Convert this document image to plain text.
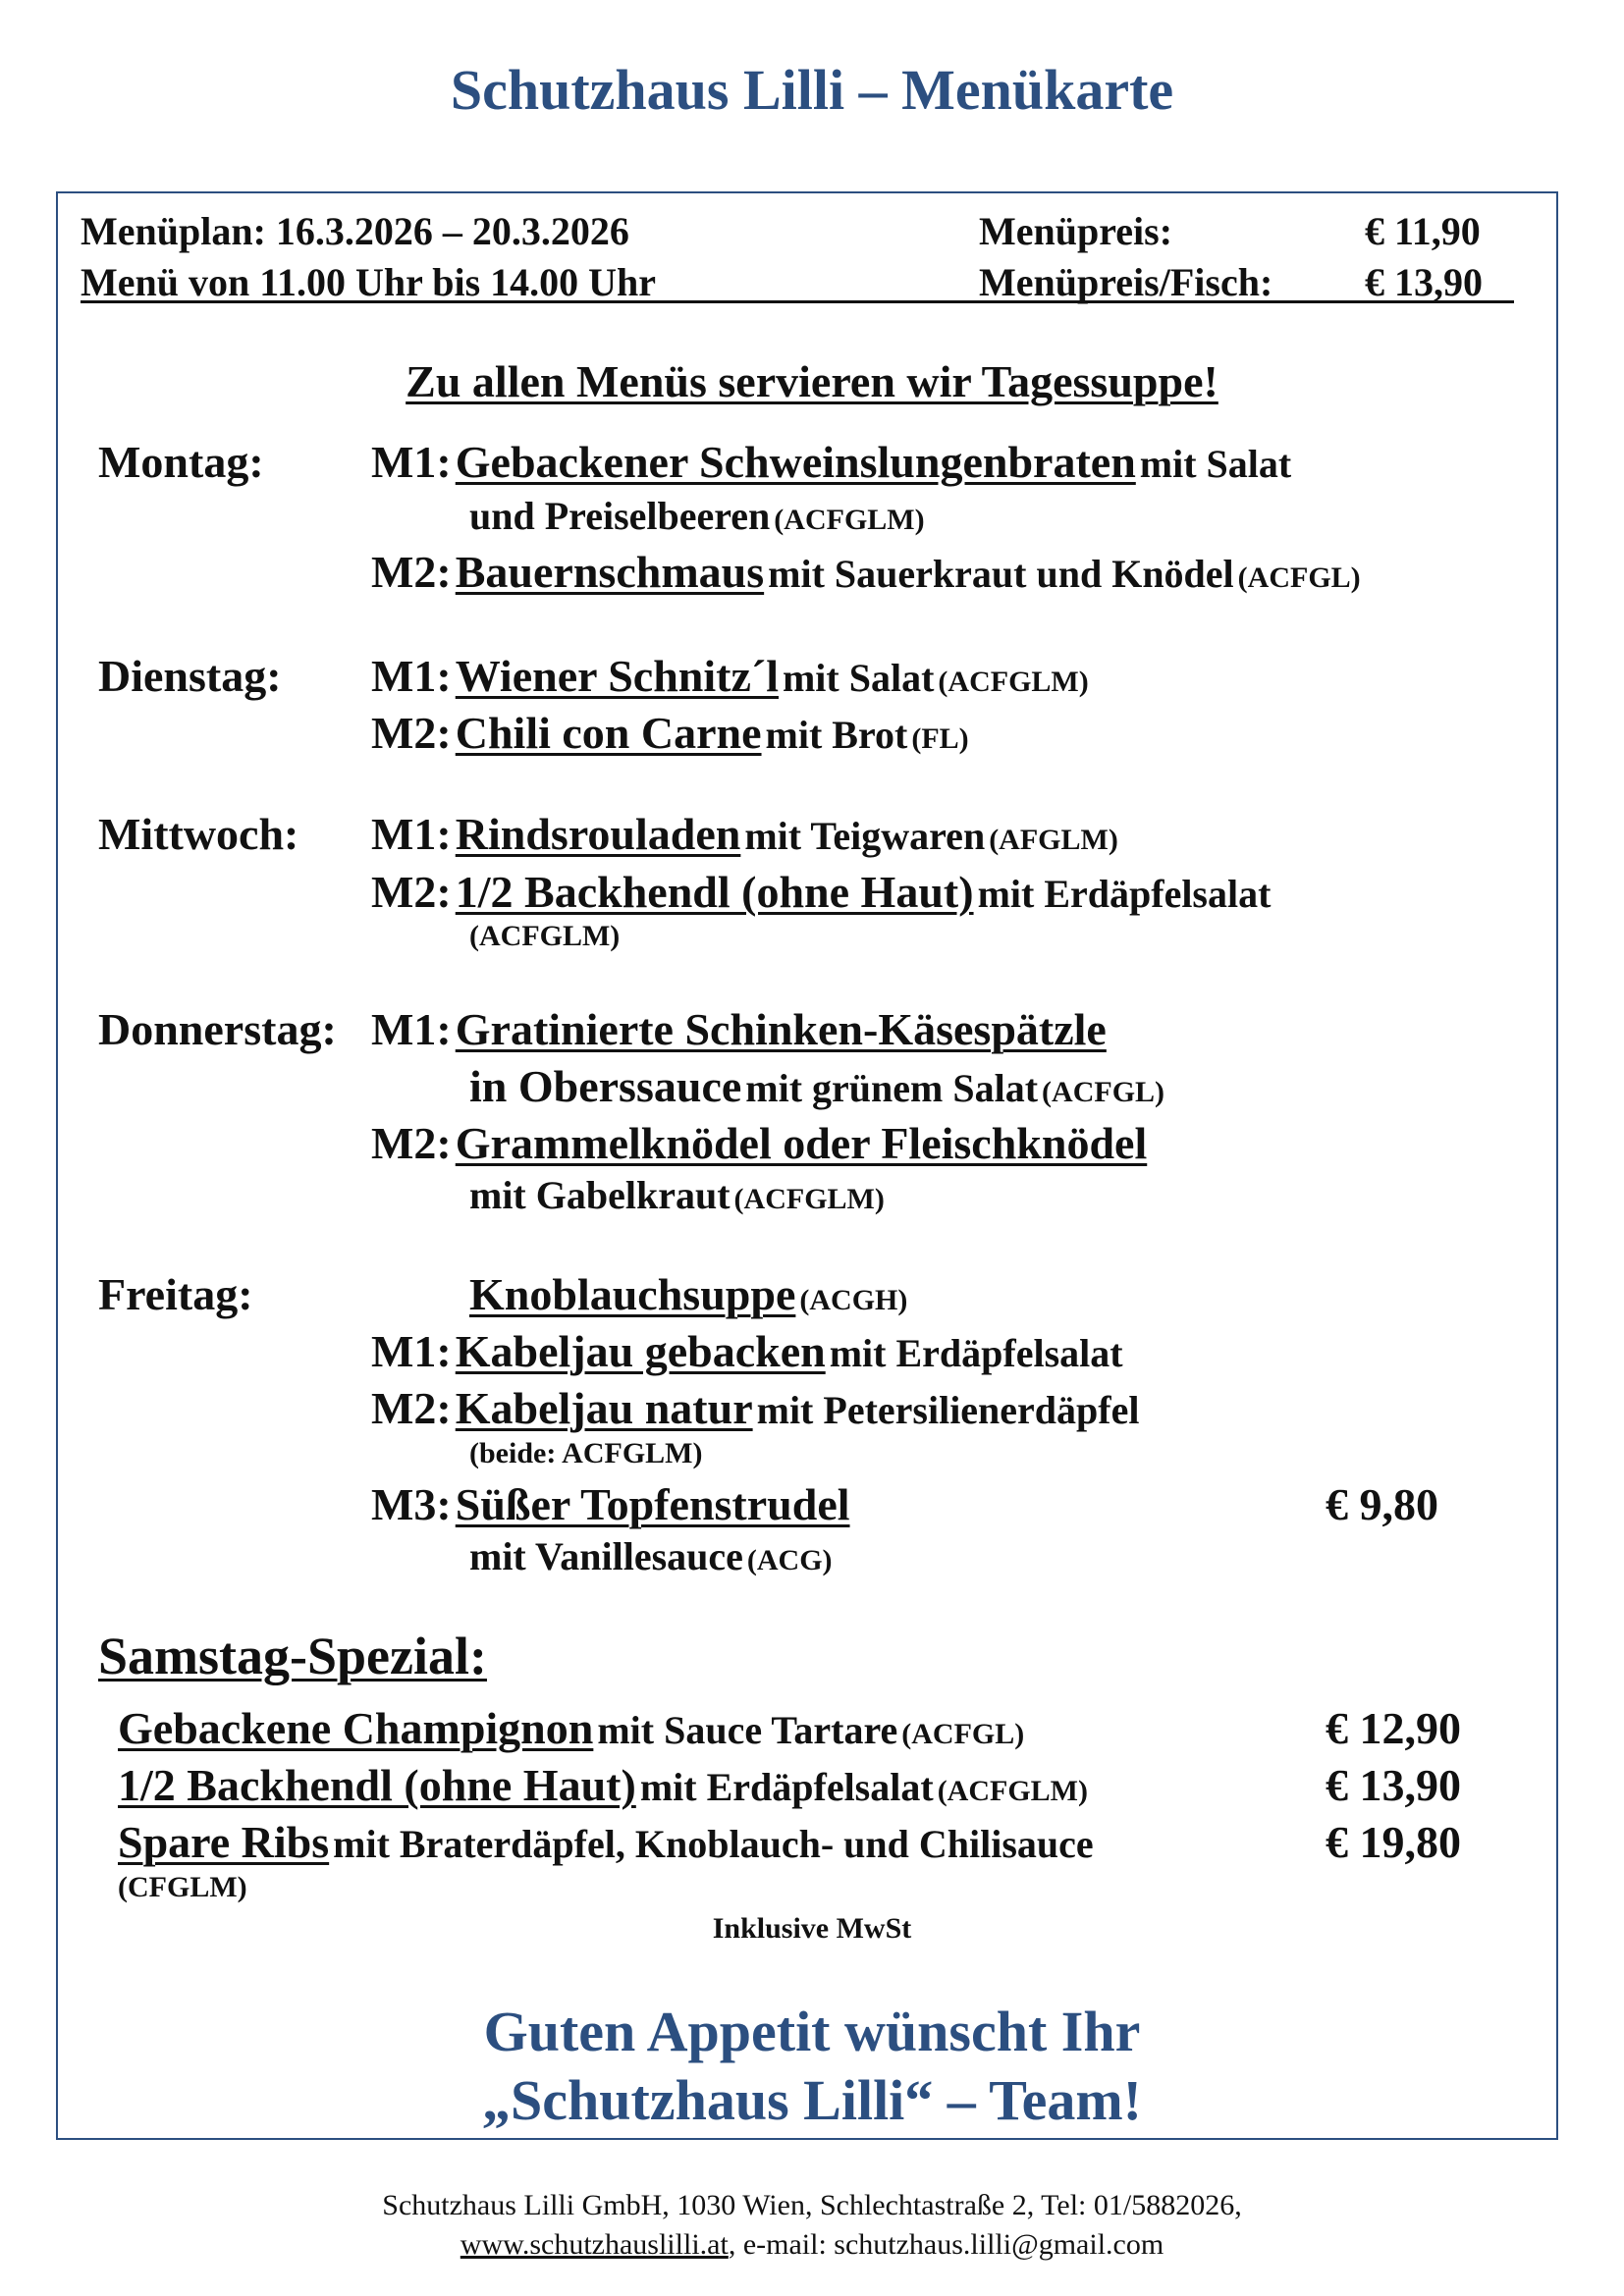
Schutzhaus Lilli – Menükarte
Menüplan: 16.3.2026 – 20.3.2026
Menü von 11.00 Uhr bis 14.00 Uhr
Menüpreis:	€ 11,90
Menüpreis/Fisch: € 13,90
Zu allen Menüs servieren wir Tagessuppe!
Montag: M1: Gebackener Schweinslungenbraten mit Salat
und Preiselbeeren (ACFGLM)
M2: Bauernschmaus mit Sauerkraut und Knödel (ACFGL)
Dienstag: M1: Wiener Schnitz´l mit Salat (ACFGLM)
M2: Chili con Carne mit Brot (FL)
Mittwoch: M1: Rindsrouladen mit Teigwaren (AFGLM)
M2: 1/2 Backhendl (ohne Haut) mit Erdäpfelsalat
(ACFGLM)
Donnerstag: M1: Gratinierte Schinken-Käsespätzle
in Oberssauce mit grünem Salat (ACFGL)
M2: Grammelknödel oder Fleischknödel
mit Gabelkraut (ACFGLM)
Freitag:	Knoblauchsuppe (ACGH)
M1: Kabeljau gebacken mit Erdäpfelsalat
M2: Kabeljau natur mit Petersilienerdäpfel
(beide: ACFGLM)
M3: Süßer Topfenstrudel	€ 9,80
mit Vanillesauce (ACG)
Samstag-Spezial:
Gebackene Champignon mit Sauce Tartare (ACFGL)	€ 12,90
1/2 Backhendl (ohne Haut) mit Erdäpfelsalat (ACFGLM)	€ 13,90
Spare Ribs mit Braterdäpfel, Knoblauch- und Chilisauce	€ 19,80
(CFGLM)
Inklusive MwSt
Guten Appetit wünscht Ihr
„Schutzhaus Lilli“ – Team!
Schutzhaus Lilli GmbH, 1030 Wien, Schlechtastraße 2, Tel: 01/5882026,
www.schutzhauslilli.at, e-mail: schutzhaus.lilli@gmail.com
